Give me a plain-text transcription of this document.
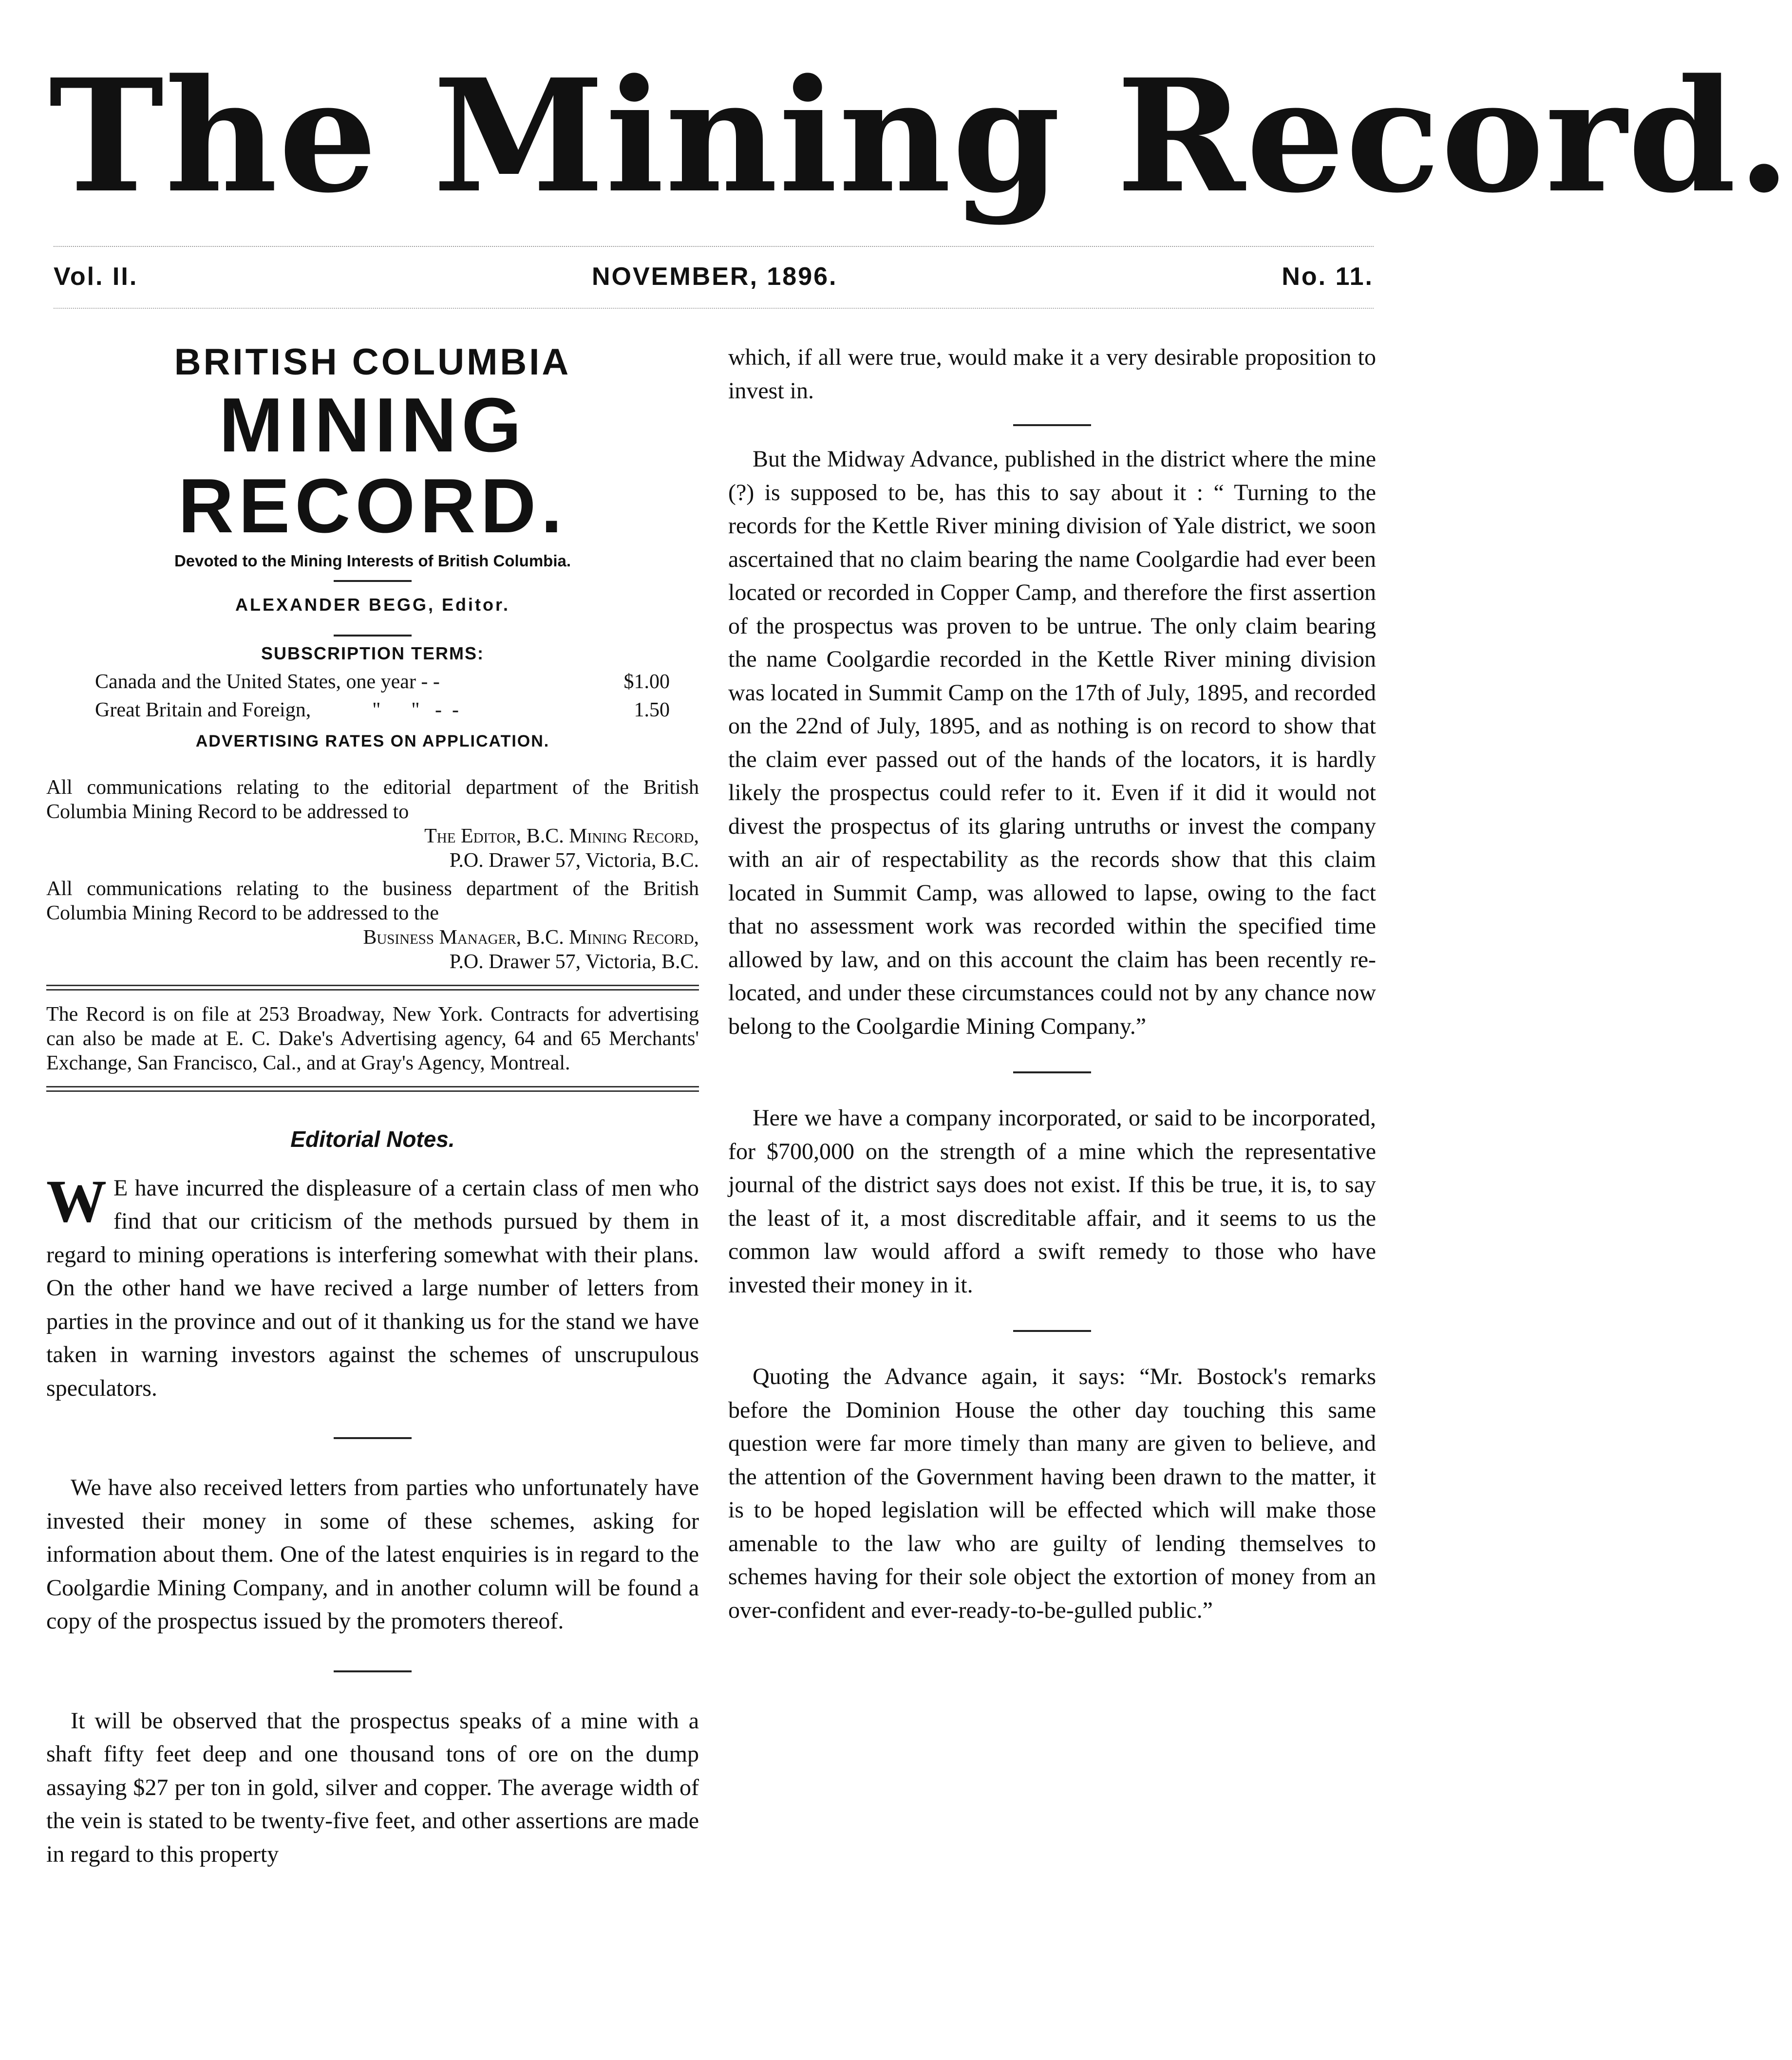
The Mining Record.
Vol. II.	NOVEMBER, 1896.	No. 11.
BRITISH COLUMBIA
MINING RECORD.
Devoted to the Mining Interests of British Columbia.
ALEXANDER BEGG, Editor.
SUBSCRIPTION TERMS:
Canada and the United States, one year - -	$1.00
Great Britain and Foreign,            "      "   -  -	1.50
ADVERTISING RATES ON APPLICATION.

All communications relating to the editorial department of the British Columbia Mining Record to be addressed to

The Editor, B.C. Mining Record,

P.O. Drawer 57, Victoria, B.C.

All communications relating to the business department of the British Columbia Mining Record to be addressed to the

Business Manager, B.C. Mining Record,

P.O. Drawer 57, Victoria, B.C.

The Record is on file at 253 Broadway, New York. Contracts for advertising can also be made at E. C. Dake's Advertising agency, 64 and 65 Merchants' Exchange, San Francisco, Cal., and at Gray's Agency, Montreal.

Editorial Notes.

W E have incurred the displeasure of a certain class of men who find that our criticism of the methods pursued by them in regard to mining operations is interfering somewhat with their plans. On the other hand we have recived a large number of letters from parties in the province and out of it thanking us for the stand we have taken in warning investors against the schemes of unscrupulous speculators.

We have also received letters from parties who unfortunately have invested their money in some of these schemes, asking for information about them. One of the latest enquiries is in regard to the Coolgardie Mining Company, and in another column will be found a copy of the prospectus issued by the promoters thereof.

It will be observed that the prospectus speaks of a mine with a shaft fifty feet deep and one thousand tons of ore on the dump assaying $27 per ton in gold, silver and copper. The average width of the vein is stated to be twenty-five feet, and other assertions are made in regard to this property

which, if all were true, would make it a very desirable proposition to invest in.

But the Midway Advance, published in the district where the mine (?) is supposed to be, has this to say about it : “ Turning to the records for the Kettle River mining division of Yale district, we soon ascertained that no claim bearing the name Coolgardie had ever been located or recorded in Copper Camp, and therefore the first assertion of the prospectus was proven to be untrue. The only claim bearing the name Coolgardie recorded in the Kettle River mining division was located in Summit Camp on the 17th of July, 1895, and recorded on the 22nd of July, 1895, and as nothing is on record to show that the claim ever passed out of the hands of the locators, it is hardly likely the prospectus could refer to it. Even if it did it would not divest the prospectus of its glaring untruths or invest the company with an air of respectability as the records show that this claim located in Summit Camp, was allowed to lapse, owing to the fact that no assessment work was recorded within the specified time allowed by law, and on this account the claim has been recently re-located, and under these circumstances could not by any chance now belong to the Coolgardie Mining Company.”

Here we have a company incorporated, or said to be incorporated, for $700,000 on the strength of a mine which the representative journal of the district says does not exist. If this be true, it is, to say the least of it, a most discreditable affair, and it seems to us the common law would afford a swift remedy to those who have invested their money in it.

Quoting the Advance again, it says: “Mr. Bostock's remarks before the Dominion House the other day touching this same question were far more timely than many are given to believe, and the attention of the Government having been drawn to the matter, it is to be hoped legislation will be effected which will make those amenable to the law who are guilty of lending themselves to schemes having for their sole object the extortion of money from an over-confident and ever-ready-to-be-gulled public.”
